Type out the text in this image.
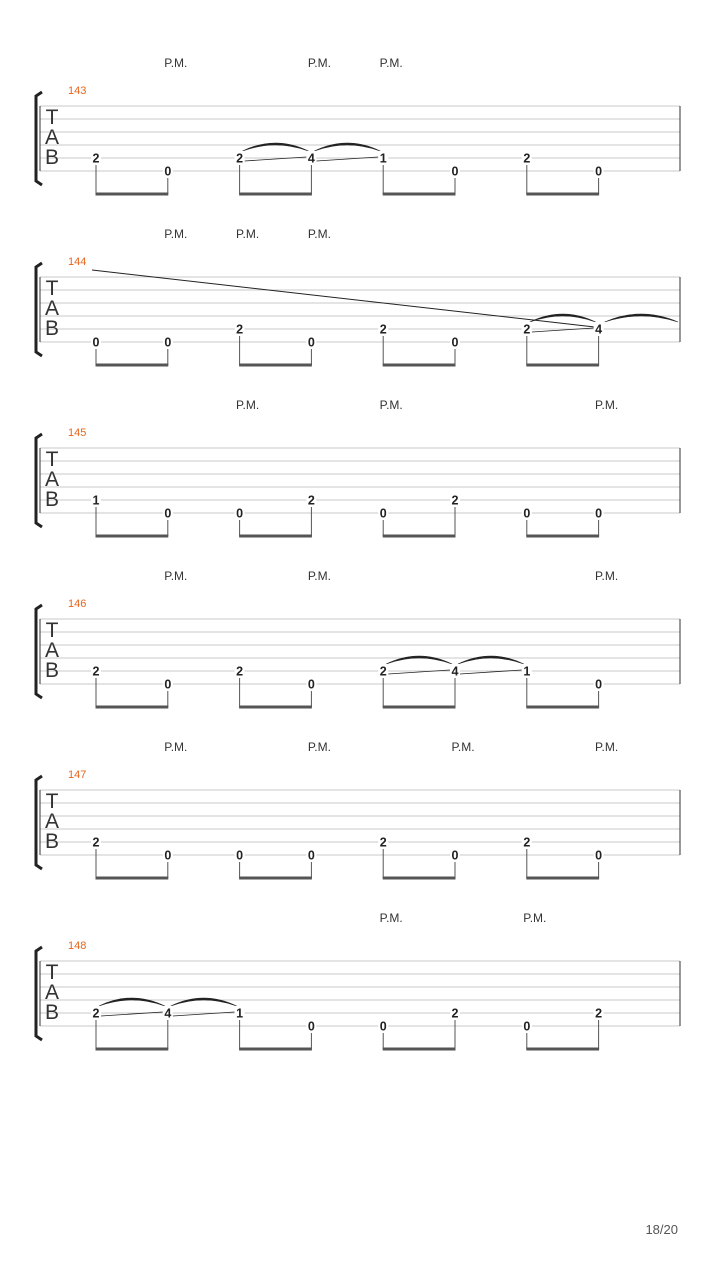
T
A
B
143
P.M.	P.M.	P.M.
2
0
2	4	1
0
2
0
T
A
B
144
P.M.	P.M.	P.M.
0	0
2
0
2
0
2	4
T
A
B
145
P.M.	P.M.	P.M.
1
0	0
2
0
2
0	0
T
A
B
146
P.M.	P.M.	P.M.
2
0
2
0
2	4	1
0
T
A
B
147
P.M.	P.M.	P.M.	P.M.
2
0	0	0
2
0
2
0
T
A
B
148
P.M.	P.M.
2	4	1
0	0
2
0
2
18/20
